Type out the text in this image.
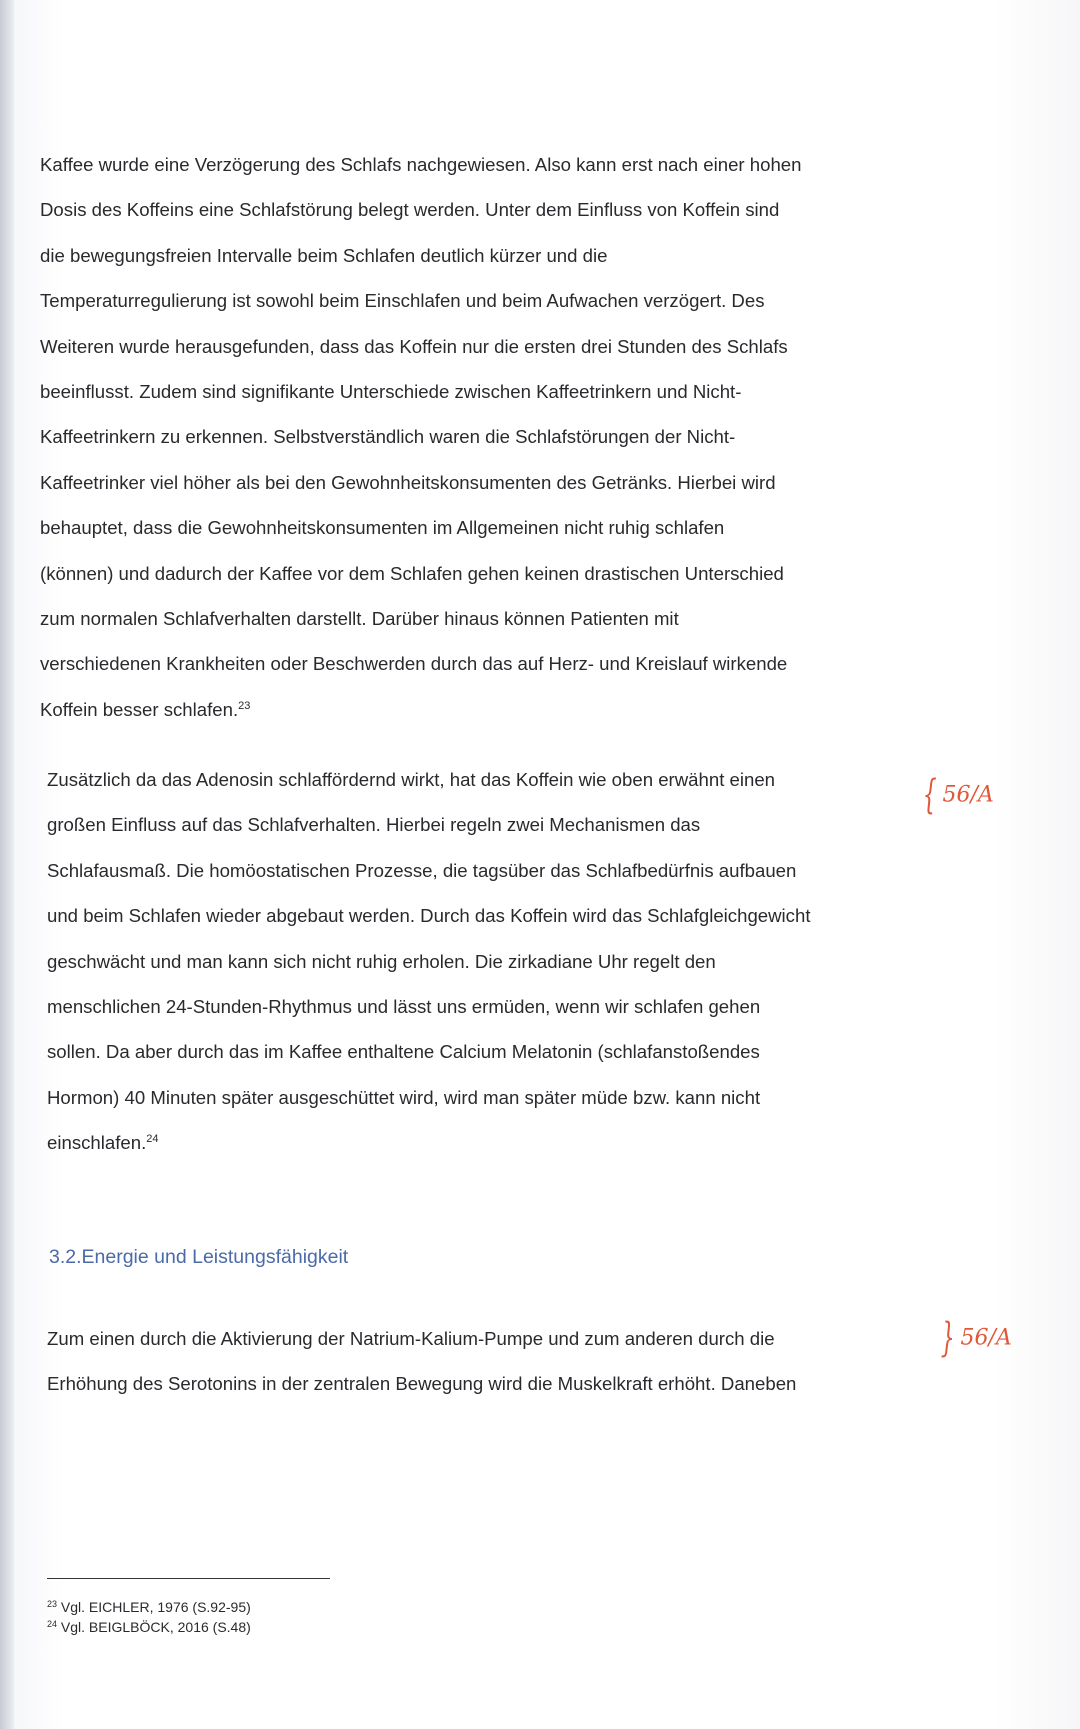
Kaffee wurde eine Verzögerung des Schlafs nachgewiesen. Also kann erst nach einer hohen
Dosis des Koffeins eine Schlafstörung belegt werden. Unter dem Einfluss von Koffein sind
die bewegungsfreien Intervalle beim Schlafen deutlich kürzer und die
Temperaturregulierung ist sowohl beim Einschlafen und beim Aufwachen verzögert. Des
Weiteren wurde herausgefunden, dass das Koffein nur die ersten drei Stunden des Schlafs
beeinflusst. Zudem sind signifikante Unterschiede zwischen Kaffeetrinkern und Nicht-
Kaffeetrinkern zu erkennen. Selbstverständlich waren die Schlafstörungen der Nicht-
Kaffeetrinker viel höher als bei den Gewohnheitskonsumenten des Getränks. Hierbei wird
behauptet, dass die Gewohnheitskonsumenten im Allgemeinen nicht ruhig schlafen
(können) und dadurch der Kaffee vor dem Schlafen gehen keinen drastischen Unterschied
zum normalen Schlafverhalten darstellt. Darüber hinaus können Patienten mit
verschiedenen Krankheiten oder Beschwerden durch das auf Herz- und Kreislauf wirkende
Koffein besser schlafen.$^{23}$

Zusätzlich da das Adenosin schlaffördernd wirkt, hat das Koffein wie oben erwähnt einen
großen Einfluss auf das Schlafverhalten. Hierbei regeln zwei Mechanismen das
Schlafausmaß. Die homöostatischen Prozesse, die tagsüber das Schlafbedürfnis aufbauen
und beim Schlafen wieder abgebaut werden. Durch das Koffein wird das Schlafgleichgewicht
geschwächt und man kann sich nicht ruhig erholen. Die zirkadiane Uhr regelt den
menschlichen 24-Stunden-Rhythmus und lässt uns ermüden, wenn wir schlafen gehen
sollen. Da aber durch das im Kaffee enthaltene Calcium Melatonin (schlafanstoßendes
Hormon) 40 Minuten später ausgeschüttet wird, wird man später müde bzw. kann nicht
einschlafen.$^{24}$

3.2.Energie und Leistungsfähigkeit

Zum einen durch die Aktivierung der Natrium-Kalium-Pumpe und zum anderen durch die
Erhöhung des Serotonins in der zentralen Bewegung wird die Muskelkraft erhöht. Daneben

$^{23}$ Vgl. EICHLER, 1976 (S.92-95)
$^{24}$ Vgl. BEIGLBÖCK, 2016 (S.48)
{ 56/A
} 56/A
